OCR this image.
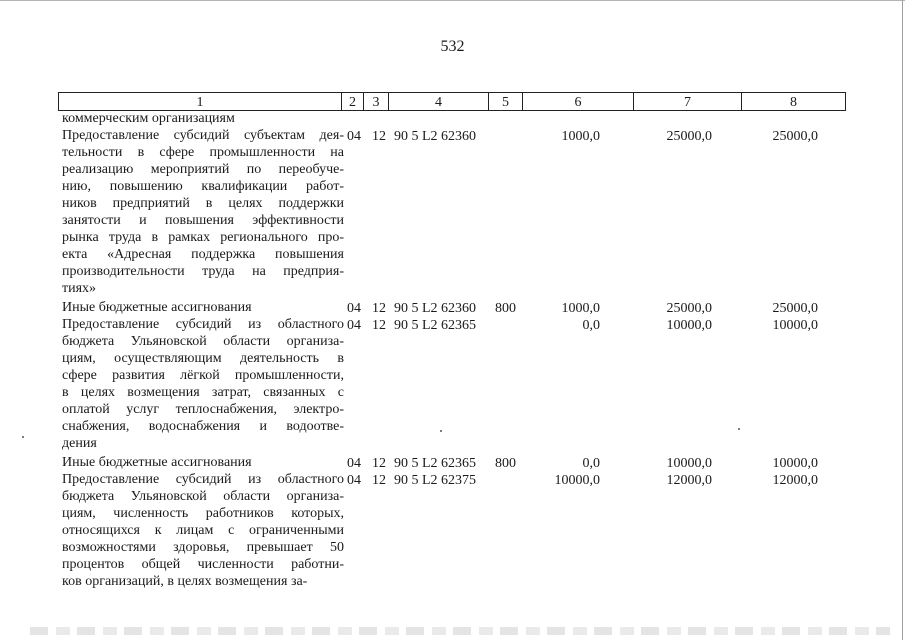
532
1	2	3	4	5	6	7	8
коммерческим организациям
Предоставление субсидий субъектам дея-
тельности в сфере промышленности на
реализацию мероприятий по переобуче-
нию, повышению квалификации работ-
ников предприятий в целях поддержки
занятости и повышения эффективности
рынка труда в рамках регионального про-
екта «Адресная поддержка повышения
производительности труда на предприя-
тиях»
04 12 90 5 L2 62360	1000,0	25000,0	25000,0
Иные бюджетные ассигнования	04 12 90 5 L2 62360 800	1000,0	25000,0	25000,0
Предоставление субсидий из областного
бюджета Ульяновской области организа-
циям, осуществляющим деятельность в
сфере развития лёгкой промышленности,
в целях возмещения затрат, связанных с
оплатой услуг теплоснабжения, электро-
снабжения, водоснабжения и водоотве-
дения
04 12 90 5 L2 62365	0,0	10000,0	10000,0
Иные бюджетные ассигнования	04 12 90 5 L2 62365 800	0,0	10000,0	10000,0
Предоставление субсидий из областного
бюджета Ульяновской области организа-
циям, численность работников которых,
относящихся к лицам с ограниченными
возможностями здоровья, превышает 50
процентов общей численности работни-
ков организаций, в целях возмещения за-
04 12 90 5 L2 62375	10000,0	12000,0	12000,0
